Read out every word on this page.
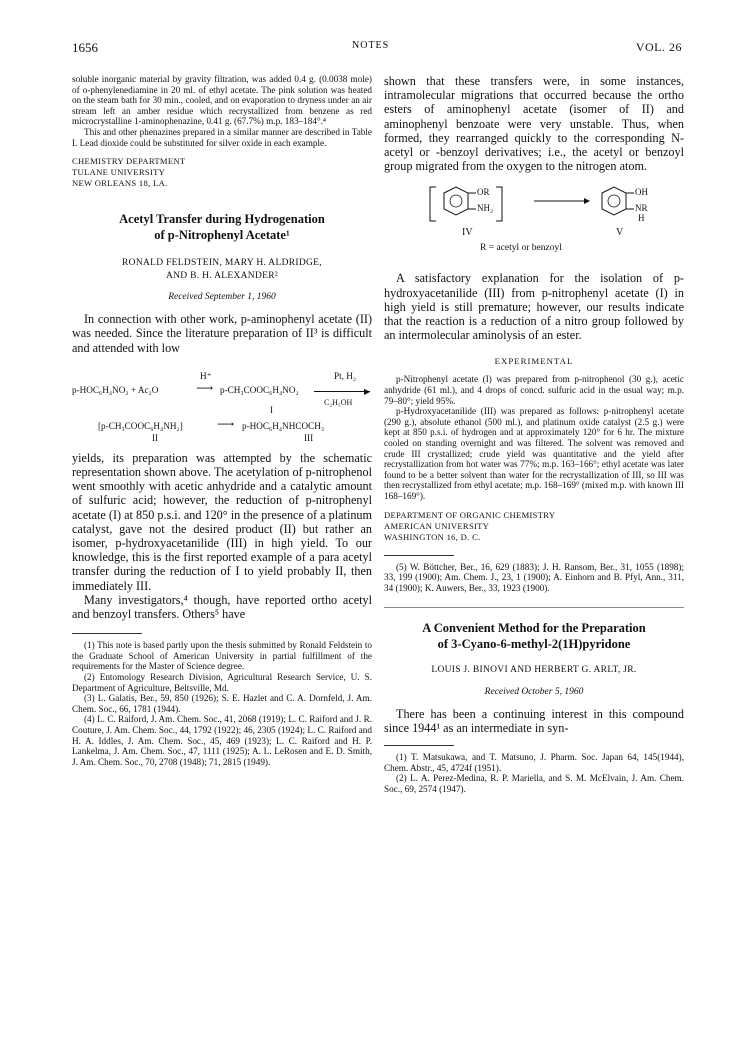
1656	NOTES	VOL. 26

soluble inorganic material by gravity filtration, was added 0.4 g. (0.0038 mole) of o-phenylenediamine in 20 ml. of ethyl acetate. The pink solution was heated on the steam bath for 30 min., cooled, and on evaporation to dryness under an air stream left an amber residue which recrystallized from benzene as red microcrystalline 1-aminophenazine, 0.41 g. (67.7%) m.p. 183–184°.⁴

This and other phenazines prepared in a similar manner are described in Table I. Lead dioxide could be substituted for silver oxide in each example.

CHEMISTRY DEPARTMENT
TULANE UNIVERSITY
NEW ORLEANS 18, LA.

Acetyl Transfer during Hydrogenation

of p-Nitrophenyl Acetate¹

RONALD FELDSTEIN, MARY H. ALDRIDGE,

AND B. H. ALEXANDER²

Received September 1, 1960

In connection with other work, p-aminophenyl acetate (II) was needed. Since the literature preparation of II³ is difficult and attended with low

H⁺	Pt, H₂
p-HOC₆H₄NO₂ + Ac₂O	⟶ p-CH₃COOC₆H₄NO₂	▶
C₂H₅OH
I
[p-CH₃COOC₆H₄NH₂]	⟶ p-HOC₆H₄NHCOCH₃
II	III

yields, its preparation was attempted by the schematic representation shown above. The acetylation of p-nitrophenol went smoothly with acetic anhydride and a catalytic amount of sulfuric acid; however, the reduction of p-nitrophenyl acetate (I) at 850 p.s.i. and 120° in the presence of a platinum catalyst, gave not the desired product (II) but rather an isomer, p-hydroxyacetanilide (III) in high yield. To our knowledge, this is the first reported example of a para acetyl transfer during the reduction of I to yield probably II, then immediately III.

Many investigators,⁴ though, have reported ortho acetyl and benzoyl transfers. Others⁵ have

(1) This note is based partly upon the thesis submitted by Ronald Feldstein to the Graduate School of American University in partial fulfillment of the requirements for the Master of Science degree.

(2) Entomology Research Division, Agricultural Research Service, U. S. Department of Agriculture, Beltsville, Md.

(3) L. Galatis, Ber., 59, 850 (1926); S. E. Hazlet and C. A. Dornfeld, J. Am. Chem. Soc., 66, 1781 (1944).

(4) L. C. Raiford, J. Am. Chem. Soc., 41, 2068 (1919); L. C. Raiford and J. R. Couture, J. Am. Chem. Soc., 44, 1792 (1922); 46, 2305 (1924); L. C. Raiford and H. A. Iddles, J. Am. Chem. Soc., 45, 469 (1923); L. C. Raiford and H. P. Lankelma, J. Am. Chem. Soc., 47, 1111 (1925); A. L. LeRosen and E. D. Smith, J. Am. Chem. Soc., 70, 2708 (1948); 71, 2815 (1949).

shown that these transfers were, in some instances, intramolecular migrations that occurred because the ortho esters of aminophenyl acetate (isomer of II) and aminophenyl benzoate were very unstable. Thus, when formed, they rearranged quickly to the corresponding N-acetyl or -benzoyl derivatives; i.e., the acetyl or benzoyl group migrated from the oxygen to the nitrogen atom.

OR
NH₂
OH
NR
H
IV	V
R = acetyl or benzoyl

A satisfactory explanation for the isolation of p-hydroxyacetanilide (III) from p-nitrophenyl acetate (I) in high yield is still premature; however, our results indicate that the reaction is a reduction of a nitro group followed by an intermolecular aminolysis of an ester.

EXPERIMENTAL

p-Nitrophenyl acetate (I) was prepared from p-nitrophenol (30 g.), acetic anhydride (61 ml.), and 4 drops of concd. sulfuric acid in the usual way; m.p. 79–80°; yield 95%.

p-Hydroxyacetanilide (III) was prepared as follows: p-nitrophenyl acetate (290 g.), absolute ethanol (500 ml.), and platinum oxide catalyst (2.5 g.) were kept at 850 p.s.i. of hydrogen and at approximately 120° for 6 hr. The mixture cooled on standing overnight and was filtered. The solvent was removed and crude III crystallized; crude yield was quantitative and the yield after recrystallization from hot water was 77%; m.p. 163–166°; ethyl acetate was later found to be a better solvent than water for the recrystallization of III, so III was then recrystallized from ethyl acetate; m.p. 168–169° (mixed m.p. with known III 168–169°).

DEPARTMENT OF ORGANIC CHEMISTRY
AMERICAN UNIVERSITY
WASHINGTON 16, D. C.

(5) W. Böttcher, Ber., 16, 629 (1883); J. H. Ransom, Ber., 31, 1055 (1898); 33, 199 (1900); Am. Chem. J., 23, 1 (1900); A. Einhorn and B. Pfyl, Ann., 311, 34 (1900); K. Auwers, Ber., 33, 1923 (1900).

A Convenient Method for the Preparation

of 3-Cyano-6-methyl-2(1H)pyridone

LOUIS J. BINOVI AND HERBERT G. ARLT, JR.

Received October 5, 1960

There has been a continuing interest in this compound since 1944¹ as an intermediate in syn-

(1) T. Matsukawa, and T. Matsuno, J. Pharm. Soc. Japan 64, 145(1944), Chem. Abstr., 45, 4724f (1951).

(2) L. A. Perez-Medina, R. P. Mariella, and S. M. McElvain, J. Am. Chem. Soc., 69, 2574 (1947).
